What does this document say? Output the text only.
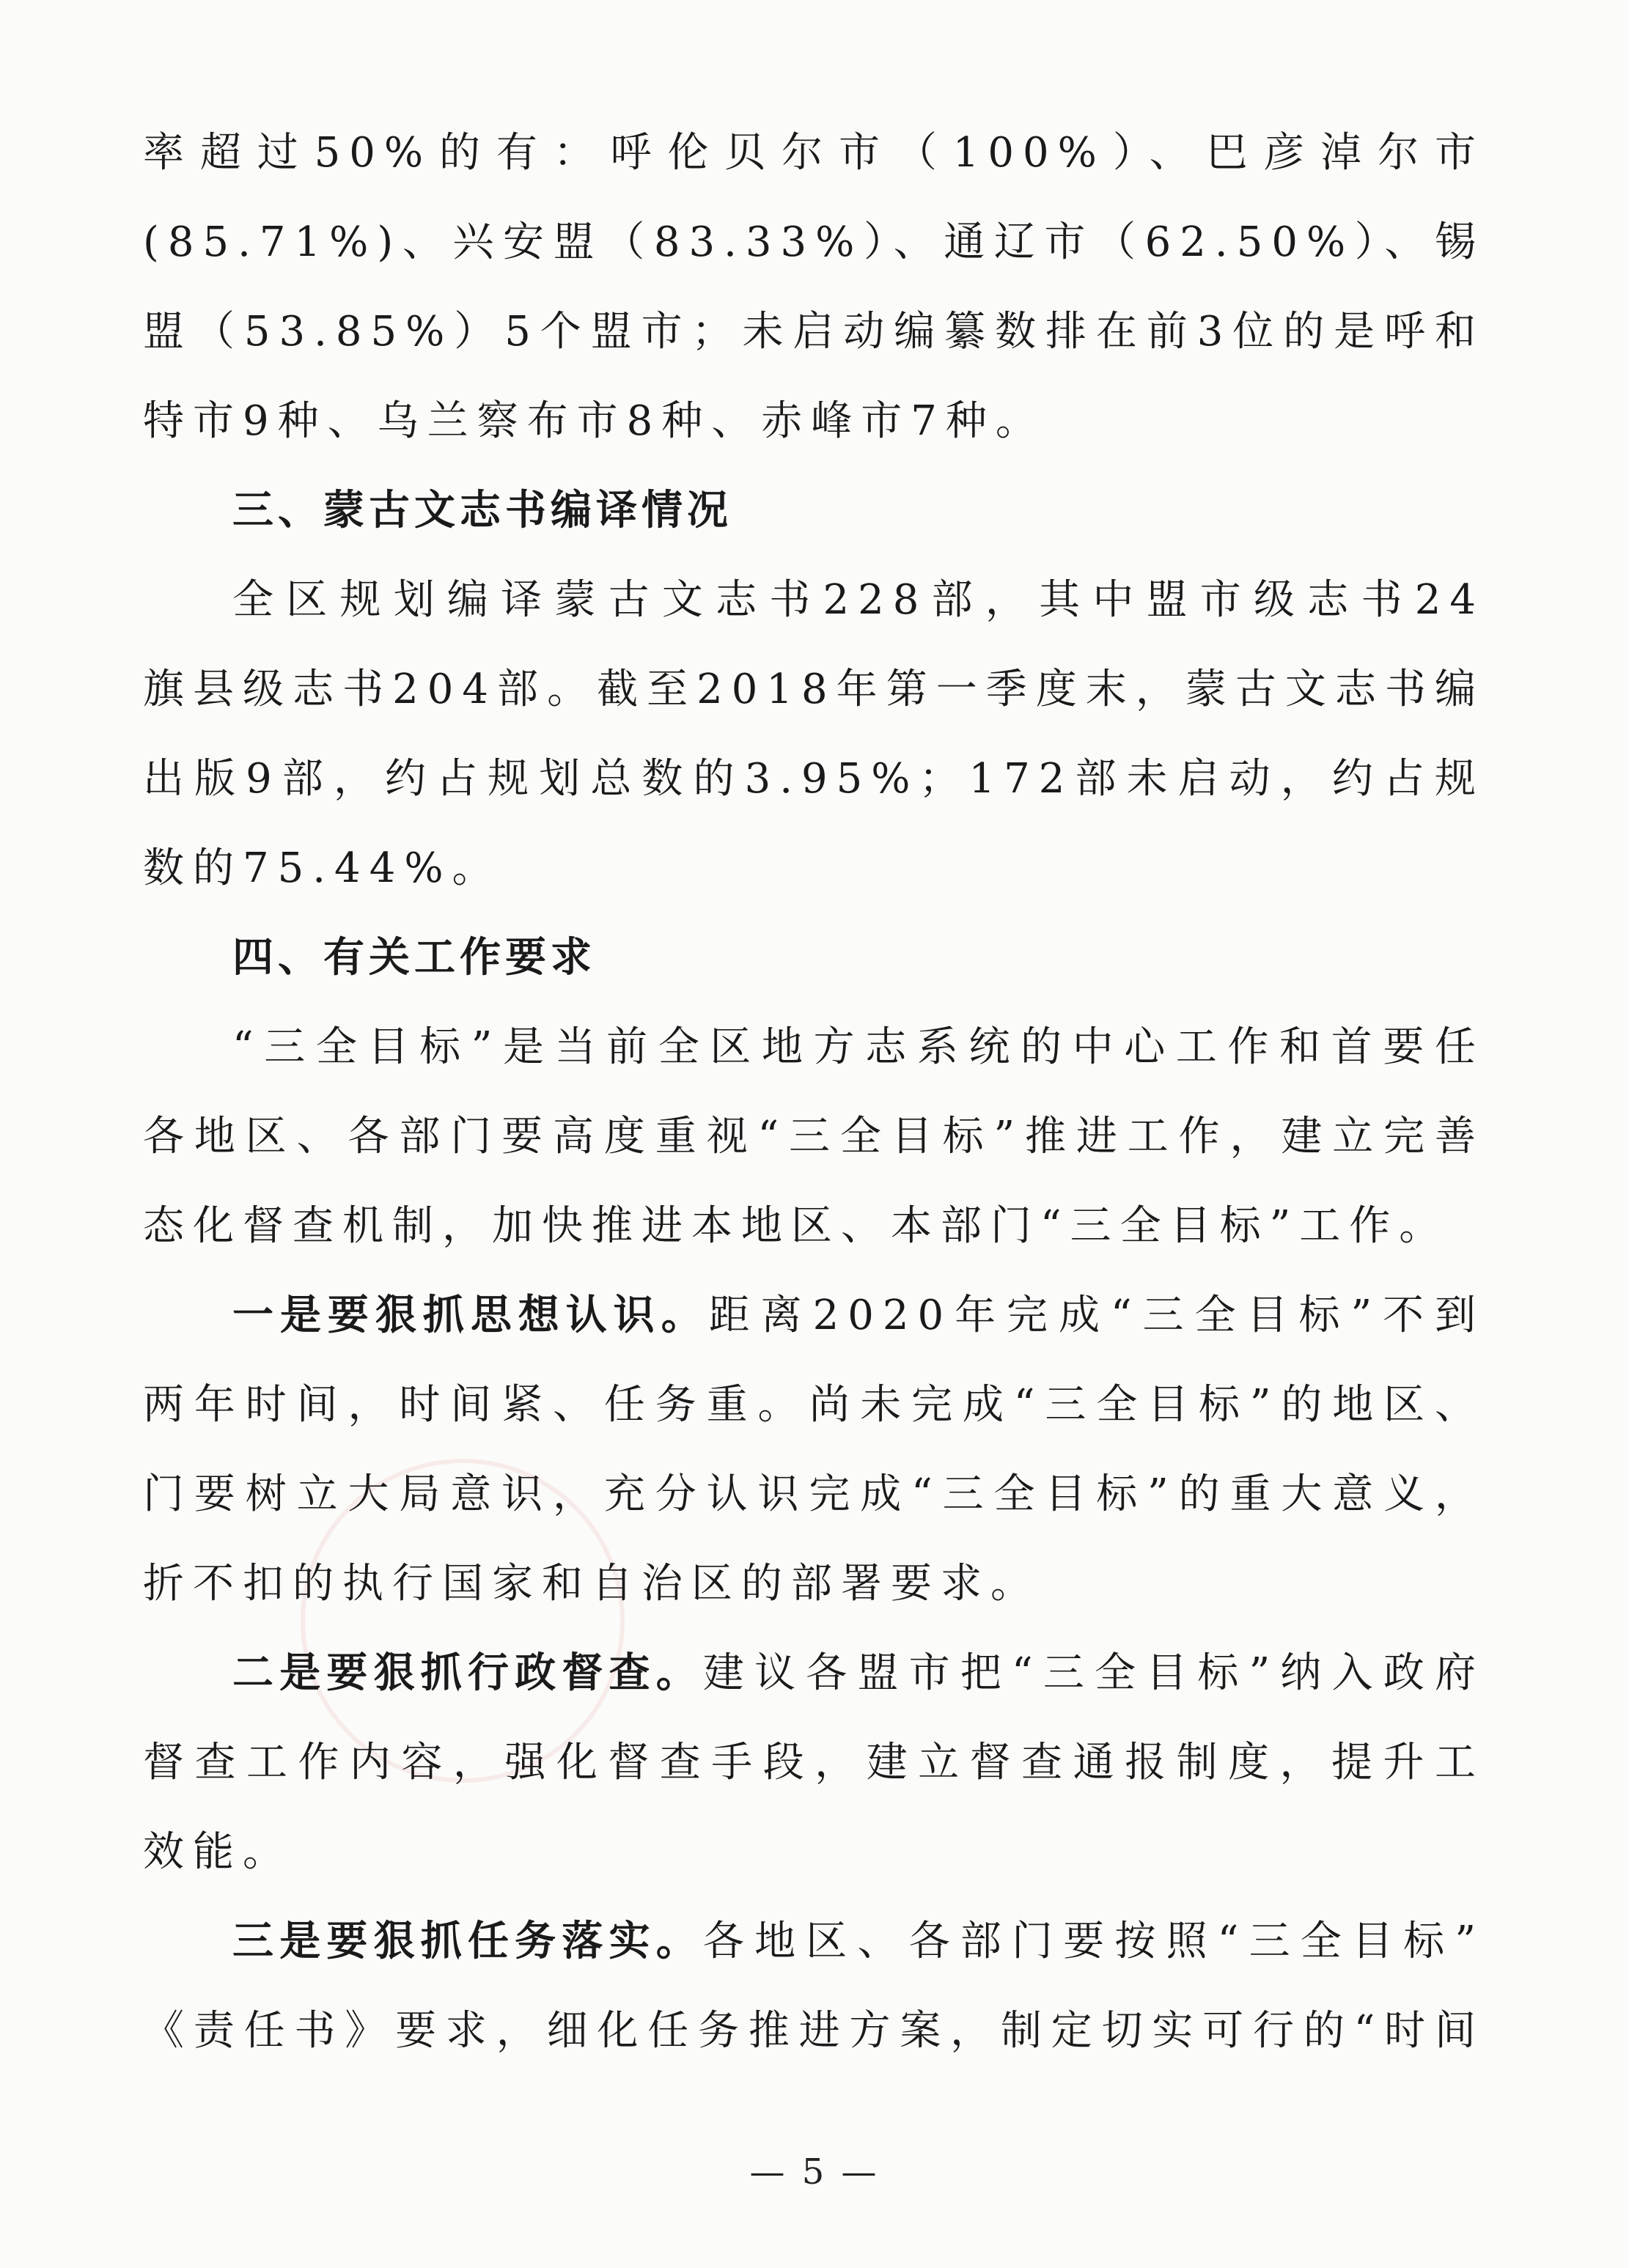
率超过50%的有：呼伦贝尔市（100%）、巴彦淖尔市
(85.71%)、兴安盟（83.33%）、通辽市（62.50%）、锡
盟（53.85%）5个盟市；未启动编纂数排在前3位的是呼和
特市9种、乌兰察布市8种、赤峰市7种。
三、蒙古文志书编译情况
全区规划编译蒙古文志书228部，其中盟市级志书24
旗县级志书204部。截至2018年第一季度末，蒙古文志书编
出版9部，约占规划总数的3.95%；172部未启动，约占规
数的75.44%。
四、有关工作要求
“三全目标”是当前全区地方志系统的中心工作和首要任
各地区、各部门要高度重视“三全目标”推进工作，建立完善
态化督查机制，加快推进本地区、本部门“三全目标”工作。
一是要狠抓思想认识。距离2020年完成“三全目标”不到
两年时间，时间紧、任务重。尚未完成“三全目标”的地区、
门要树立大局意识，充分认识完成“三全目标”的重大意义，
折不扣的执行国家和自治区的部署要求。
二是要狠抓行政督查。建议各盟市把“三全目标”纳入政府
督查工作内容，强化督查手段，建立督查通报制度，提升工
效能。
三是要狠抓任务落实。各地区、各部门要按照“三全目标”
《责任书》要求，细化任务推进方案，制定切实可行的“时间
— 5 —
